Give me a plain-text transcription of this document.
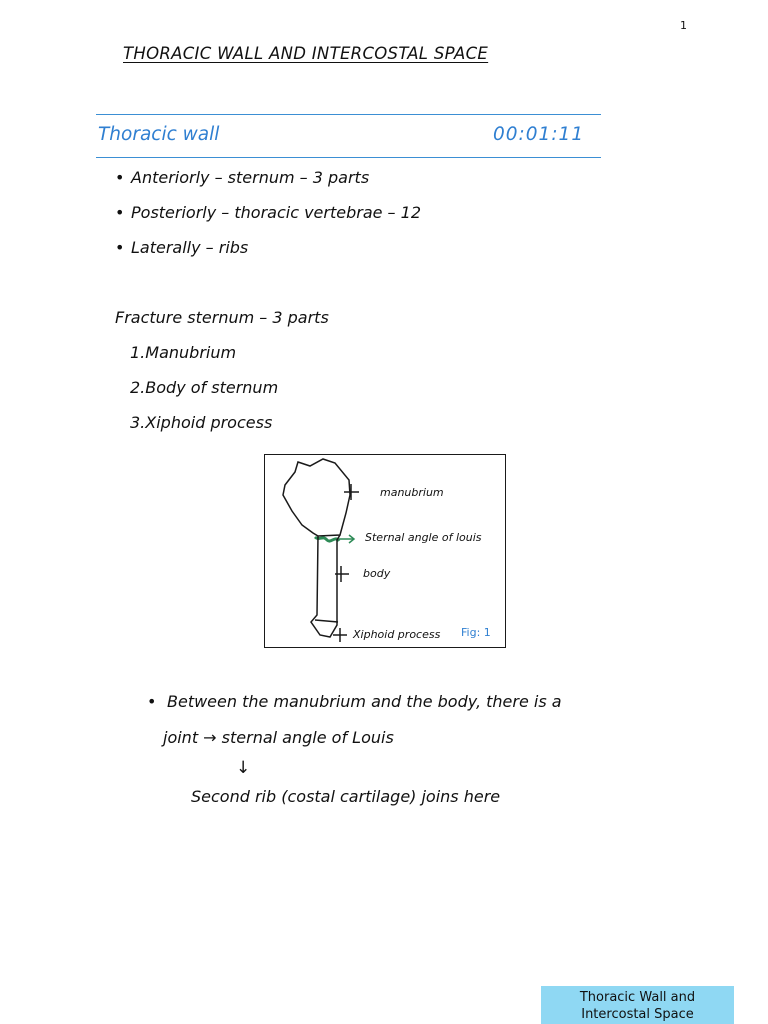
1
THORACIC WALL AND INTERCOSTAL SPACE
Thoracic wall	00:01:11
• Anteriorly – sternum – 3 parts
• Posteriorly – thoracic vertebrae – 12
• Laterally – ribs
Fracture sternum – 3 parts
1.Manubrium
2.Body of sternum
3.Xiphoid process
manubrium
Sternal angle of louis
body
Xiphoid process Fig: 1
• Between the manubrium and the body, there is a
joint → sternal angle of Louis
↓
Second rib (costal cartilage) joins here
Thoracic Wall and
Intercostal Space
